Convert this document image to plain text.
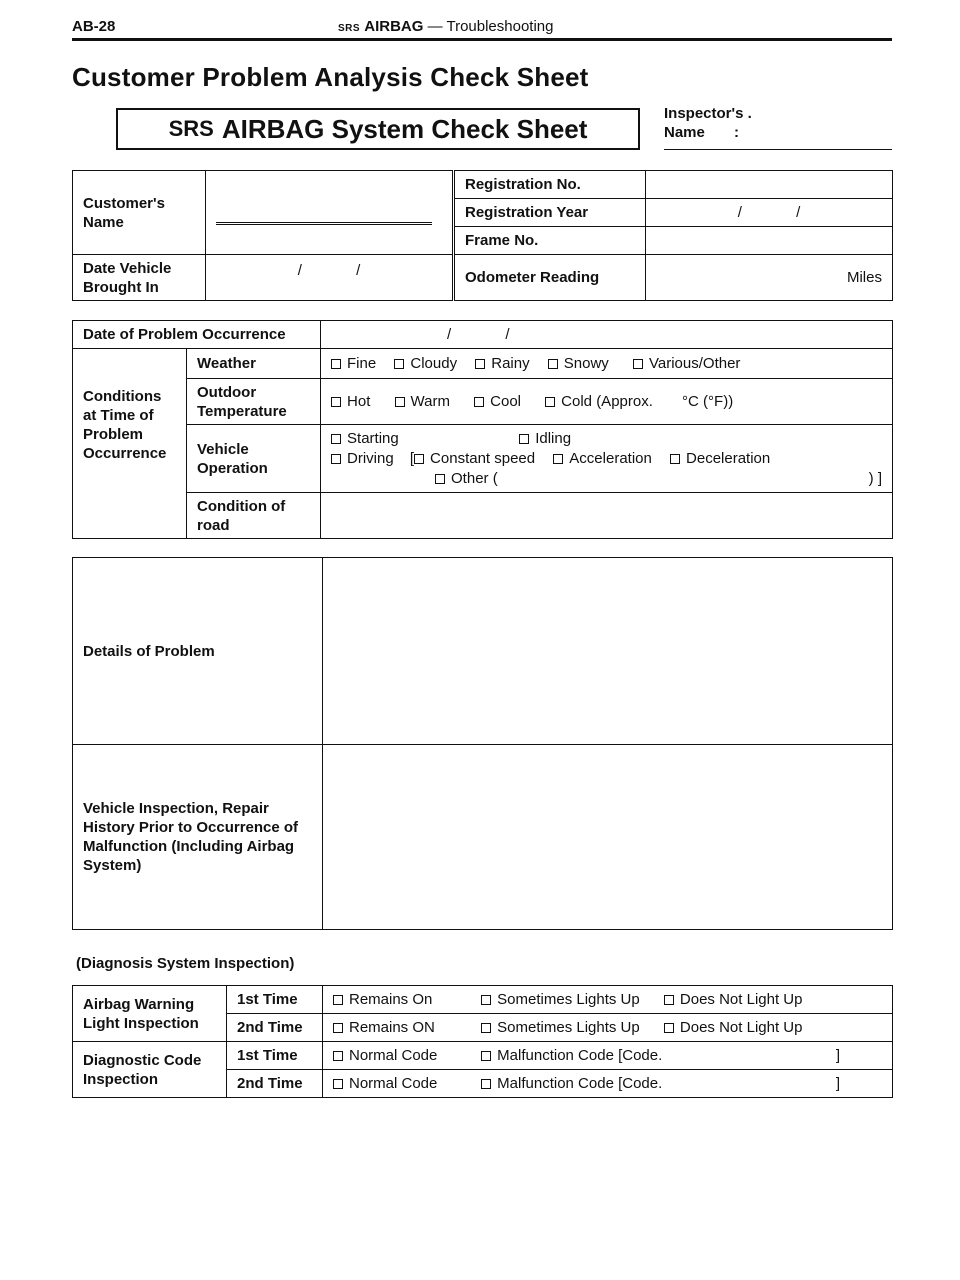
AB-28	SRS AIRBAG — Troubleshooting
Customer Problem Analysis Check Sheet
SRS AIRBAG System Check Sheet	Inspector's .
Name       :
Customer's Name		Registration No.	
		Registration Year	/             /
		Frame No.	
Date Vehicle Brought In	/             /	Odometer Reading	Miles
Date of Problem Occurrence		/             /
Conditions at Time of Problem Occurrence	Weather	Fine Cloudy Rainy Snowy Various/Other
	Outdoor Temperature	Hot Warm Cool Cold (Approx.       °C (°F))
	Vehicle Operation	Starting Idling
Driving [ Constant speed Acceleration Deceleration
Other ( ) ]

	Condition of road	
Details of Problem	
Vehicle Inspection, Repair History Prior to Occurrence of Malfunction (Including Airbag System)	
(Diagnosis System Inspection)
Airbag Warning Light Inspection	1st Time	Remains On Sometimes Lights Up Does Not Light Up
	2nd Time	Remains ON Sometimes Lights Up Does Not Light Up
Diagnostic Code Inspection	1st Time	Normal Code Malfunction Code [Code. ]

	2nd Time	Normal Code Malfunction Code [Code. ]
